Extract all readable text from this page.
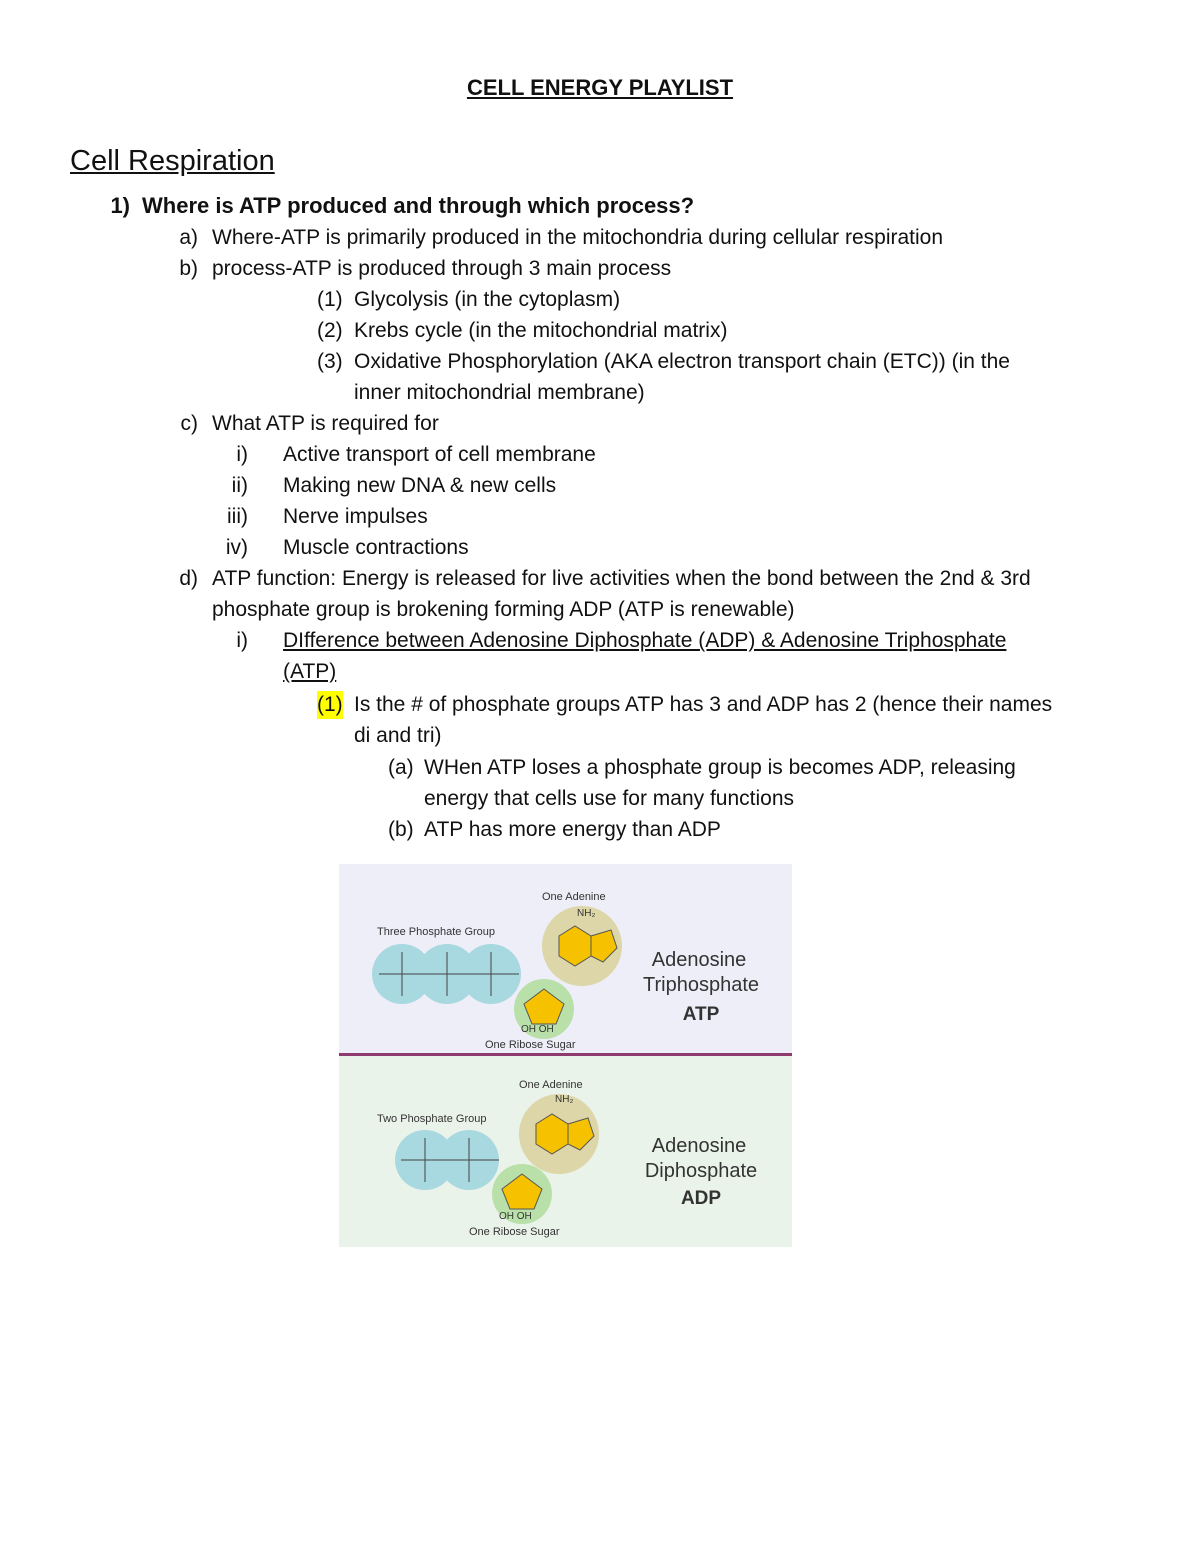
CELL ENERGY PLAYLIST
Cell Respiration
1) Where is ATP produced and through which process?
a) Where-ATP is primarily produced in the mitochondria during cellular respiration
b) process-ATP is produced through 3 main process
(1) Glycolysis (in the cytoplasm)
(2) Krebs cycle (in the mitochondrial matrix)
(3) Oxidative Phosphorylation (AKA electron transport chain (ETC)) (in the
inner mitochondrial membrane)
c) What ATP is required for
i) Active transport of cell membrane
ii) Making new DNA & new cells
iii) Nerve impulses
iv) Muscle contractions
d) ATP function: Energy is released for live activities when the bond between the 2nd & 3rd
phosphate group is brokening forming ADP (ATP is renewable)
i) DIfference between Adenosine Diphosphate (ADP) & Adenosine Triphosphate
(ATP)
(1) Is the # of phosphate groups ATP has 3 and ADP has 2 (hence their names
di and tri)
(a) WHen ATP loses a phosphate group is becomes ADP, releasing
energy that cells use for many functions
(b) ATP has more energy than ADP
Three Phosphate Group
One Adenine
NH₂
OH OH
One Ribose Sugar
Adenosine
Triphosphate
ATP
Two Phosphate Group
One Adenine
NH₂
OH OH
One Ribose Sugar
Adenosine
Diphosphate
ADP
